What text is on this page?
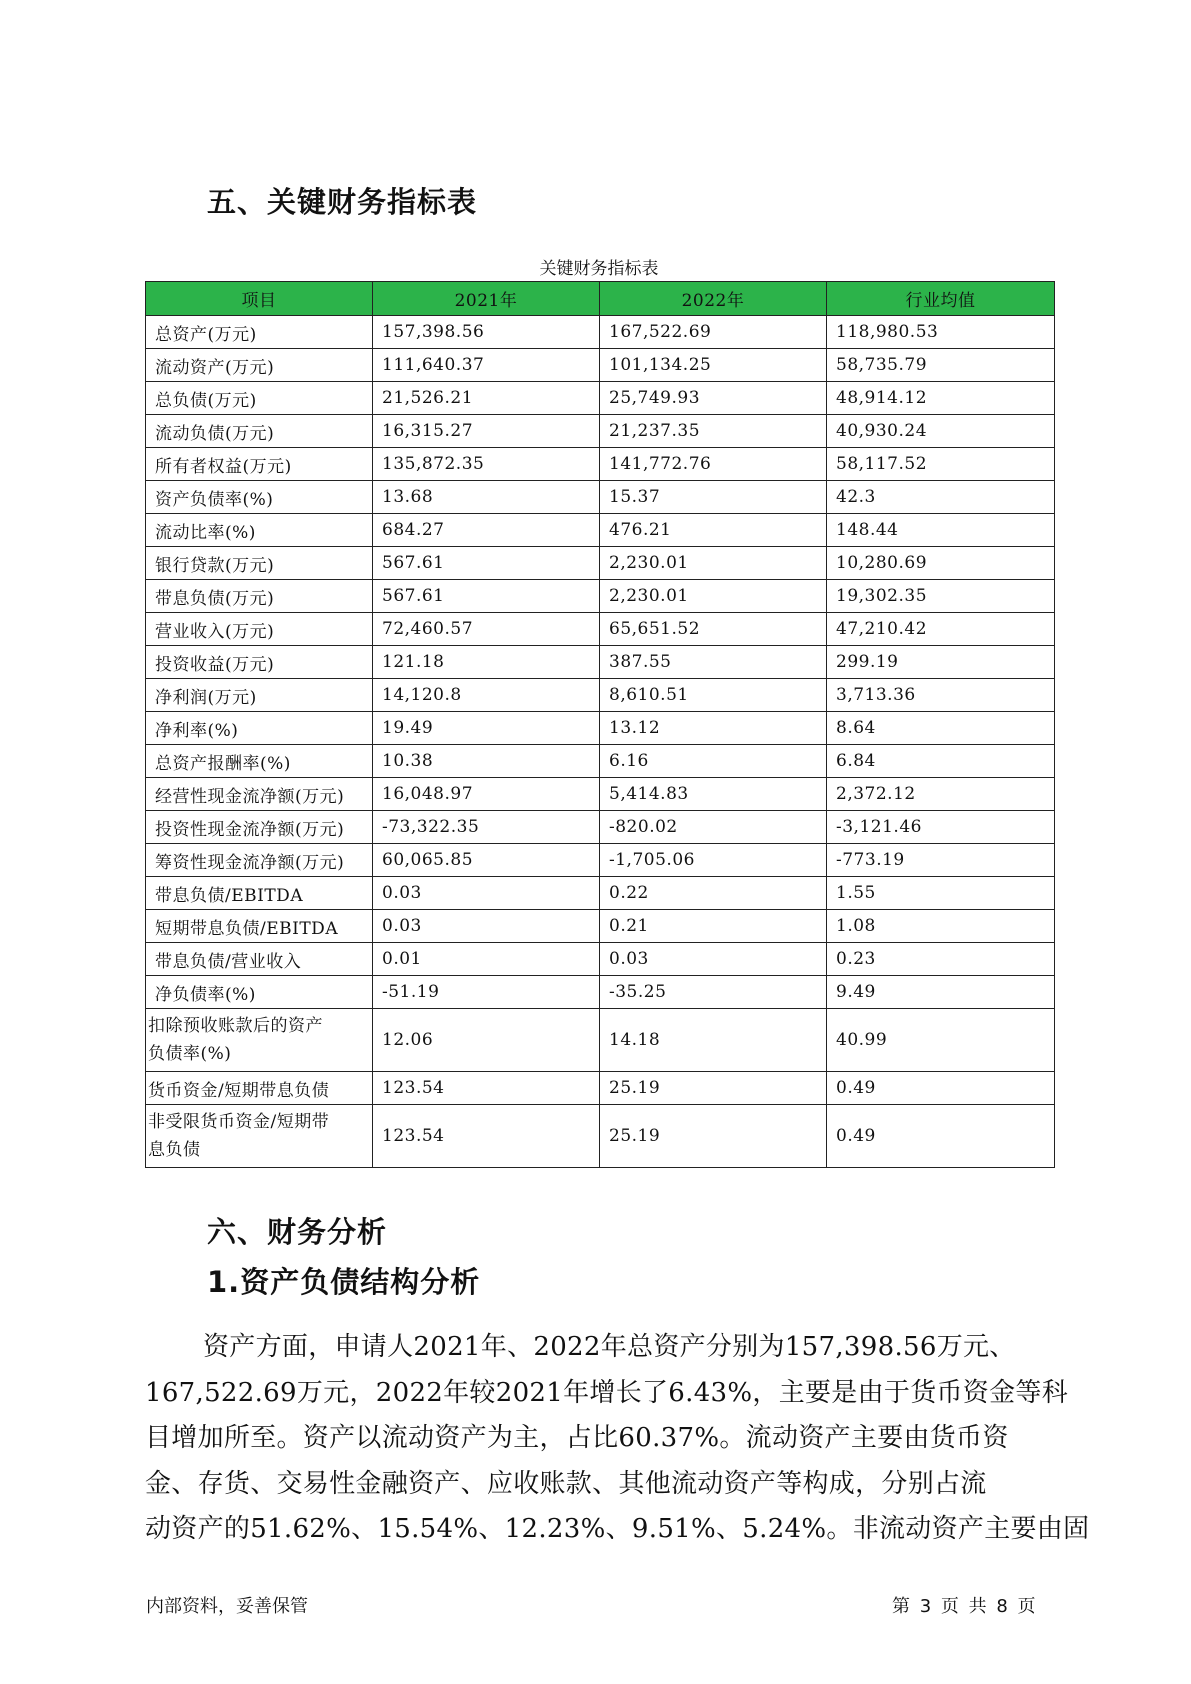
五、关键财务指标表
关键财务指标表
项目	2021年	2022年	行业均值
总资产(万元)	157,398.56	167,522.69	118,980.53
流动资产(万元)	111,640.37	101,134.25	58,735.79
总负债(万元)	21,526.21	25,749.93	48,914.12
流动负债(万元)	16,315.27	21,237.35	40,930.24
所有者权益(万元)	135,872.35	141,772.76	58,117.52
资产负债率(%)	13.68	15.37	42.3
流动比率(%)	684.27	476.21	148.44
银行贷款(万元)	567.61	2,230.01	10,280.69
带息负债(万元)	567.61	2,230.01	19,302.35
营业收入(万元)	72,460.57	65,651.52	47,210.42
投资收益(万元)	121.18	387.55	299.19
净利润(万元)	14,120.8	8,610.51	3,713.36
净利率(%)	19.49	13.12	8.64
总资产报酬率(%)	10.38	6.16	6.84
经营性现金流净额(万元)	16,048.97	5,414.83	2,372.12
投资性现金流净额(万元)	-73,322.35	-820.02	-3,121.46
筹资性现金流净额(万元)	60,065.85	-1,705.06	-773.19
带息负债/EBITDA	0.03	0.22	1.55
短期带息负债/EBITDA	0.03	0.21	1.08
带息负债/营业收入	0.01	0.03	0.23
净负债率(%)	-51.19	-35.25	9.49

扣除预收账款后的资产
负债率(%)	12.06	14.18	40.99
货币资金/短期带息负债	123.54	25.19	0.49

非受限货币资金/短期带
息负债	123.54	25.19	0.49
六、财务分析
1.资产负债结构分析
资产方面，申请人2021年、2022年总资产分别为157,398.56万元、
167,522.69万元，2022年较2021年增长了6.43%，主要是由于货币资金等科
目增加所至。资产以流动资产为主，占比60.37%。流动资产主要由货币资
金、存货、交易性金融资产、应收账款、其他流动资产等构成，分别占流
动资产的51.62%、15.54%、12.23%、9.51%、5.24%。非流动资产主要由固
内部资料，妥善保管	第 3 页 共 8 页
